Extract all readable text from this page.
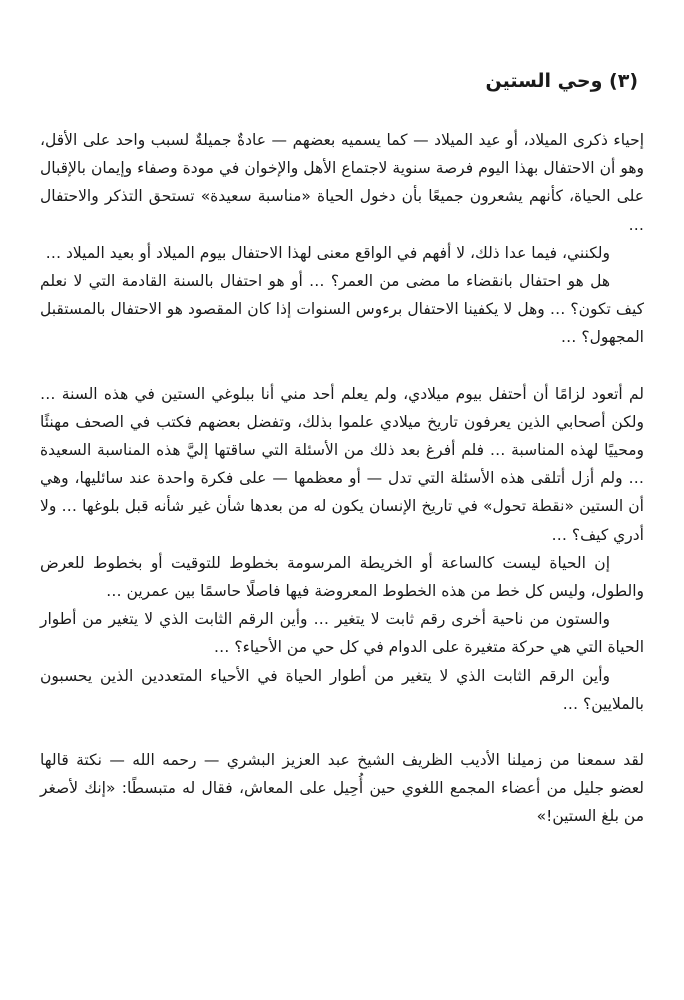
(٣) وحي الستين

إحياء ذكرى الميلاد، أو عيد الميلاد — كما يسميه بعضهم — عادةٌ جميلةٌ لسبب واحد على الأقل، وهو أن الاحتفال بهذا اليوم فرصة سنوية لاجتماع الأهل والإخوان في مودة وصفاء وإيمان بالإقبال على الحياة، كأنهم يشعرون جميعًا بأن دخول الحياة «مناسبة سعيدة» تستحق التذكر والاحتفال …

ولكنني، فيما عدا ذلك، لا أفهم في الواقع معنى لهذا الاحتفال بيوم الميلاد أو بعيد الميلاد …

هل هو احتفال بانقضاء ما مضى من العمر؟ … أو هو احتفال بالسنة القادمة التي لا نعلم كيف تكون؟ … وهل لا يكفينا الاحتفال برءوس السنوات إذا كان المقصود هو الاحتفال بالمستقبل المجهول؟ …

لم أتعود لزامًا أن أحتفل بيوم ميلادي، ولم يعلم أحد مني أنا ببلوغي الستين في هذه السنة … ولكن أصحابي الذين يعرفون تاريخ ميلادي علموا بذلك، وتفضل بعضهم فكتب في الصحف مهنئًا ومحييًا لهذه المناسبة … فلم أفرغ بعد ذلك من الأسئلة التي ساقتها إليَّ هذه المناسبة السعيدة … ولم أزل أتلقى هذه الأسئلة التي تدل — أو معظمها — على فكرة واحدة عند سائليها، وهي أن الستين «نقطة تحول» في تاريخ الإنسان يكون له من بعدها شأن غير شأنه قبل بلوغها … ولا أدري كيف؟ …

إن الحياة ليست كالساعة أو الخريطة المرسومة بخطوط للتوقيت أو بخطوط للعرض والطول، وليس كل خط من هذه الخطوط المعروضة فيها فاصلًا حاسمًا بين عمرين …

والستون من ناحية أخرى رقم ثابت لا يتغير … وأين الرقم الثابت الذي لا يتغير من أطوار الحياة التي هي حركة متغيرة على الدوام في كل حي من الأحياء؟ …

وأين الرقم الثابت الذي لا يتغير من أطوار الحياة في الأحياء المتعددين الذين يحسبون بالملايين؟ …

لقد سمعنا من زميلنا الأديب الظريف الشيخ عبد العزيز البشري — رحمه الله — نكتة قالها لعضو جليل من أعضاء المجمع اللغوي حين أُحِيل على المعاش، فقال له متبسطًا: «إنك لأصغر من بلغ الستين!»
